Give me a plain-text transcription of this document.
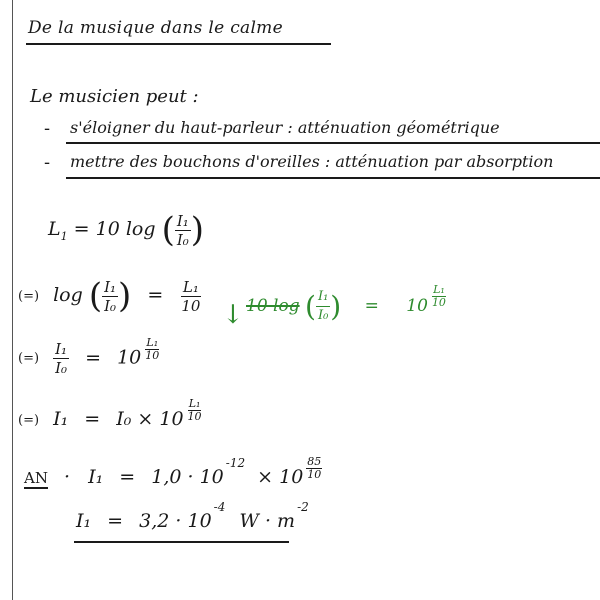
De la musique dans le calme
Le musicien peut :
- s'éloigner du haut-parleur : atténuation géométrique
- mettre des bouchons d'oreilles : atténuation par absorption
$L_1 = 10$ log ( $\frac{\text{I₁}}{\text{I₀}}$ )
(=) log ( $\frac{\text{I₁}}{\text{I₀}}$ ) = $\frac{\text{L₁}}{10}$
↓ 10 log ( $\frac{\text{I₁}}{\text{I₀}}$ ) = $10 \frac{\text{L₁}}{10}$
(=) $\frac{\text{I₁}}{\text{I₀}} = 10 \frac{\text{L₁}}{10}$
(=) $I_1 = I_0 \times 10 \frac{\text{L₁}}{10}$
AN · $I_1 = 1,0 \cdot 10^{-12} \times 10 \frac{85}{10}$
$I_1 = 3,2 \cdot 10^{-4}$ $W \cdot m^{-2}$
